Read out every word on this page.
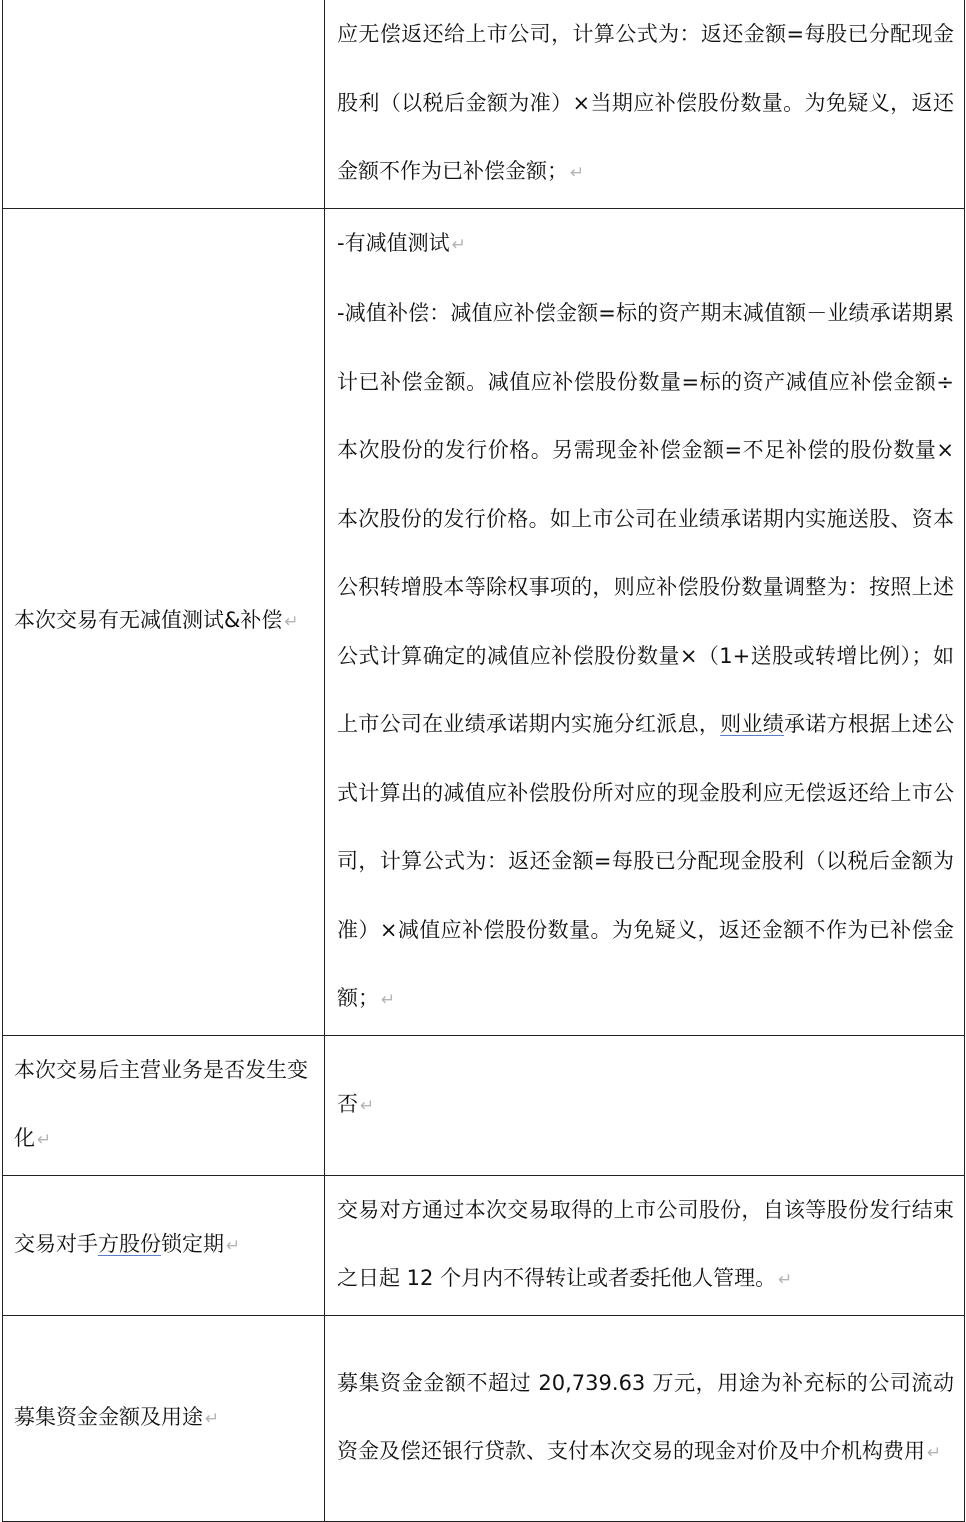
	应无偿返还给上市公司，计算公式为：返还金额=每股已分配现金股利（以税后金额为准）×当期应补偿股份数量。为免疑义，返还金额不作为已补偿金额； ↵

本次交易有无减值测试&补偿 ↵	-有减值测试 ↵
-减值补偿：减值应补偿金额=标的资产期末减值额－业绩承诺期累计已补偿金额。减值应补偿股份数量=标的资产减值应补偿金额÷本次股份的发行价格。另需现金补偿金额=不足补偿的股份数量×本次股份的发行价格。如上市公司在业绩承诺期内实施送股、资本公积转增股本等除权事项的，则应补偿股份数量调整为：按照上述公式计算确定的减值应补偿股份数量×（1+送股或转增比例）；如上市公司在业绩承诺期内实施分红派息，则业绩承诺方根据上述公式计算出的减值应补偿股份所对应的现金股利应无偿返还给上市公司，计算公式为：返还金额=每股已分配现金股利（以税后金额为准）×减值应补偿股份数量。为免疑义，返还金额不作为已补偿金额； ↵

本次交易后主营业务是否发生变化 ↵	否 ↵

交易对手方股份锁定期 ↵	交易对方通过本次交易取得的上市公司股份，自该等股份发行结束之日起 12 个月内不得转让或者委托他人管理。 ↵

募集资金金额及用途 ↵	募集资金金额不超过 20,739.63 万元，用途为补充标的公司流动资金及偿还银行贷款、支付本次交易的现金对价及中介机构费用 ↵
